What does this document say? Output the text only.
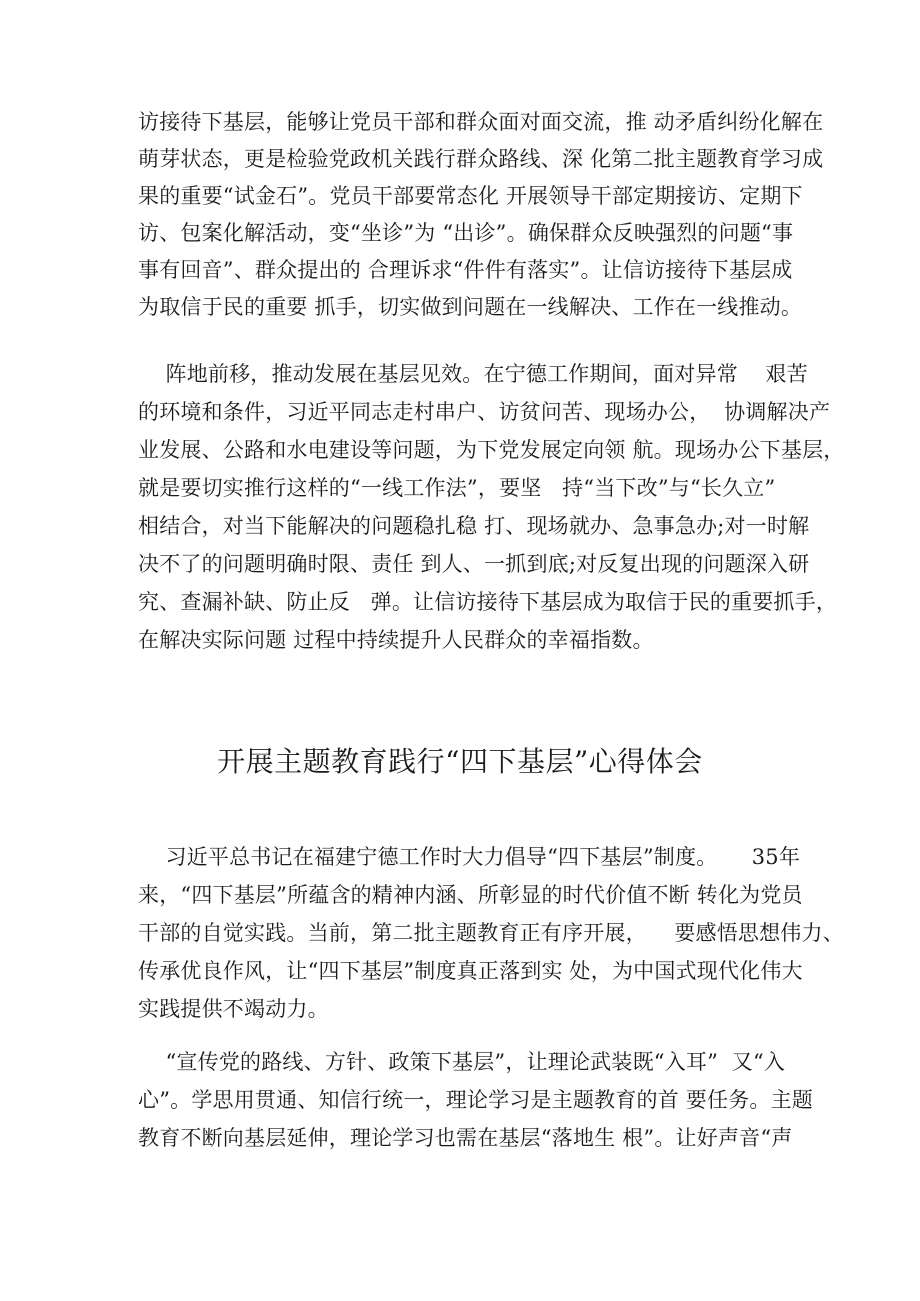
访接待下基层，能够让党员干部和群众面对面交流，推 动矛盾纠纷化解在
萌芽状态，更是检验党政机关践行群众路线、深 化第二批主题教育学习成
果的重要“试金石”。党员干部要常态化 开展领导干部定期接访、定期下
访、包案化解活动，变“坐诊”为 “出诊”。确保群众反映强烈的问题“事
事有回音”、群众提出的 合理诉求“件件有落实”。让信访接待下基层成
为取信于民的重要 抓手，切实做到问题在一线解决、工作在一线推动。
阵地前移，推动发展在基层见效。在宁德工作期间，面对异常    艰苦
的环境和条件，习近平同志走村串户、访贫问苦、现场办公，  协调解决产
业发展、公路和水电建设等问题，为下党发展定向领 航。现场办公下基层，
就是要切实推行这样的“一线工作法”，要坚   持“当下改”与“长久立”
相结合，对当下能解决的问题稳扎稳 打、现场就办、急事急办;对一时解
决不了的问题明确时限、责任 到人、一抓到底;对反复出现的问题深入研
究、查漏补缺、防止反   弹。让信访接待下基层成为取信于民的重要抓手，
在解决实际问题 过程中持续提升人民群众的幸福指数。
开展主题教育践行“四下基层”心得体会
习近平总书记在福建宁德工作时大力倡导“四下基层”制度。     35年
来，“四下基层”所蕴含的精神内涵、所彰显的时代价值不断 转化为党员
干部的自觉实践。当前，第二批主题教育正有序开展，    要感悟思想伟力、
传承优良作风，让“四下基层”制度真正落到实 处，为中国式现代化伟大
实践提供不竭动力。
“宣传党的路线、方针、政策下基层”，让理论武装既“入耳”  又“入
心”。学思用贯通、知信行统一，理论学习是主题教育的首 要任务。主题
教育不断向基层延伸，理论学习也需在基层“落地生 根”。让好声音“声
